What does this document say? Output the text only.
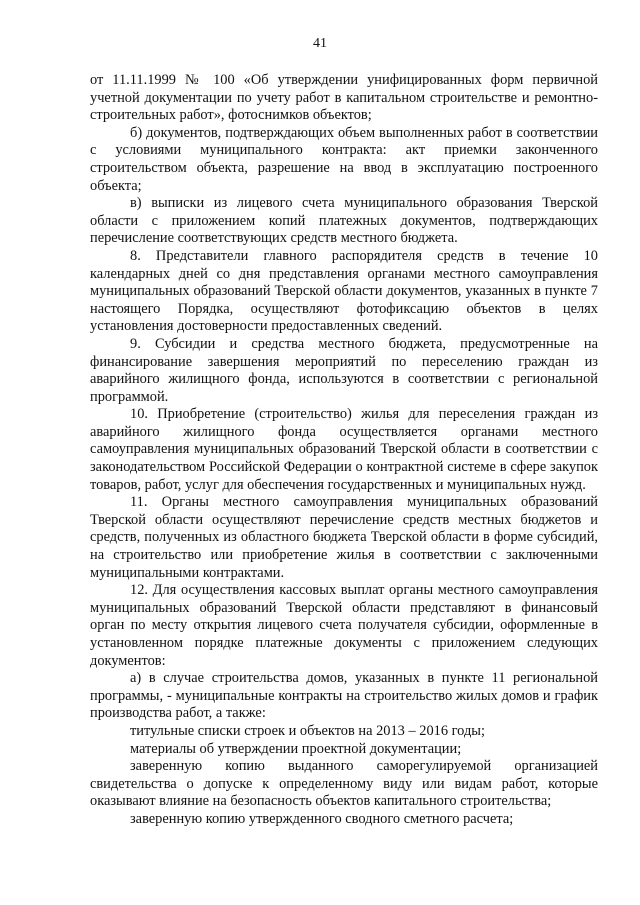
41

от 11.11.1999 № 100 «Об утверждении унифицированных форм первичной учетной документации по учету работ в капитальном строительстве и ремонтно-строительных работ», фотоснимков объектов;

б) документов, подтверждающих объем выполненных работ в соответствии с условиями муниципального контракта: акт приемки законченного строительством объекта, разрешение на ввод в эксплуатацию построенного объекта;

в) выписки из лицевого счета муниципального образования Тверской области с приложением копий платежных документов, подтверждающих перечисление соответствующих средств местного бюджета.

8. Представители главного распорядителя средств в течение 10 календарных дней со дня представления органами местного самоуправления муниципальных образований Тверской области документов, указанных в пункте 7 настоящего Порядка, осуществляют фотофиксацию объектов в целях установления достоверности предоставленных сведений.

9. Субсидии и средства местного бюджета, предусмотренные на финансирование завершения мероприятий по переселению граждан из аварийного жилищного фонда, используются в соответствии с региональной программой.

10. Приобретение (строительство) жилья для переселения граждан из аварийного жилищного фонда осуществляется органами местного самоуправления муниципальных образований Тверской области в соответствии с законодательством Российской Федерации о контрактной системе в сфере закупок товаров, работ, услуг для обеспечения государственных и муниципальных нужд.

11. Органы местного самоуправления муниципальных образований Тверской области осуществляют перечисление средств местных бюджетов и средств, полученных из областного бюджета Тверской области в форме субсидий, на строительство или приобретение жилья в соответствии с заключенными муниципальными контрактами.

12. Для осуществления кассовых выплат органы местного самоуправления муниципальных образований Тверской области представляют в финансовый орган по месту открытия лицевого счета получателя субсидии, оформленные в установленном порядке платежные документы с приложением следующих документов:

а) в случае строительства домов, указанных в пункте 11 региональной программы, - муниципальные контракты на строительство жилых домов и график производства работ, а также:

титульные списки строек и объектов на 2013 – 2016 годы;

материалы об утверждении проектной документации;

заверенную копию выданного саморегулируемой организацией свидетельства о допуске к определенному виду или видам работ, которые оказывают влияние на безопасность объектов капитального строительства;

заверенную копию утвержденного сводного сметного расчета;
